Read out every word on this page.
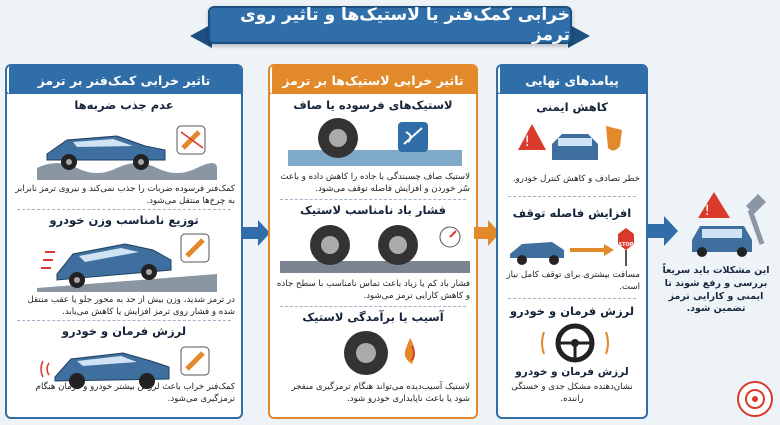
خرابی کمک‌فنر یا لاستیک‌ها و تاثیر روی ترمز
تاثیر خرابی کمک‌فنر بر ترمز
عدم جذب ضربه‌ها
کمک‌فنر فرسوده ضربات را جذب نمی‌کند و نیروی ترمز نابرابر به چرخ‌ها منتقل می‌شود.
توزیع نامناسب وزن خودرو
در ترمز شدید، وزن بیش از حد به محور جلو یا عقب منتقل شده و فشار روی ترمز افزایش یا کاهش می‌یابد.
لرزش فرمان و خودرو
کمک‌فنر خراب باعث لرزش بیشتر خودرو و فرمان هنگام ترمزگیری می‌شود.
تاثیر خرابی لاستیک‌ها بر ترمز
لاستیک‌های فرسوده یا صاف
لاستیک صاف چسبندگی با جاده را کاهش داده و باعث سُر خوردن و افزایش فاصله توقف می‌شود.
فشار باد نامناسب لاستیک
فشار باد کم یا زیاد باعث تماس نامناسب با سطح جاده و کاهش کارایی ترمز می‌شود.
آسیب یا برآمدگی لاستیک
لاستیک آسیب‌دیده می‌تواند هنگام ترمزگیری منفجر شود یا باعث ناپایداری خودرو شود.
پیامدهای نهایی
کاهش ایمنی
!
خطر تصادف و کاهش کنترل خودرو.
افزایش فاصله توقف
STOP
مسافت بیشتری برای توقف کامل نیاز است.
لرزش فرمان و خودرو
لرزش فرمان و خودرو
نشان‌دهنده مشکل جدی و خستگی راننده.
!
این مشکلات باید سریعاً بررسی و رفع شوند تا ایمنی و کارایی ترمز تضمین شود.
